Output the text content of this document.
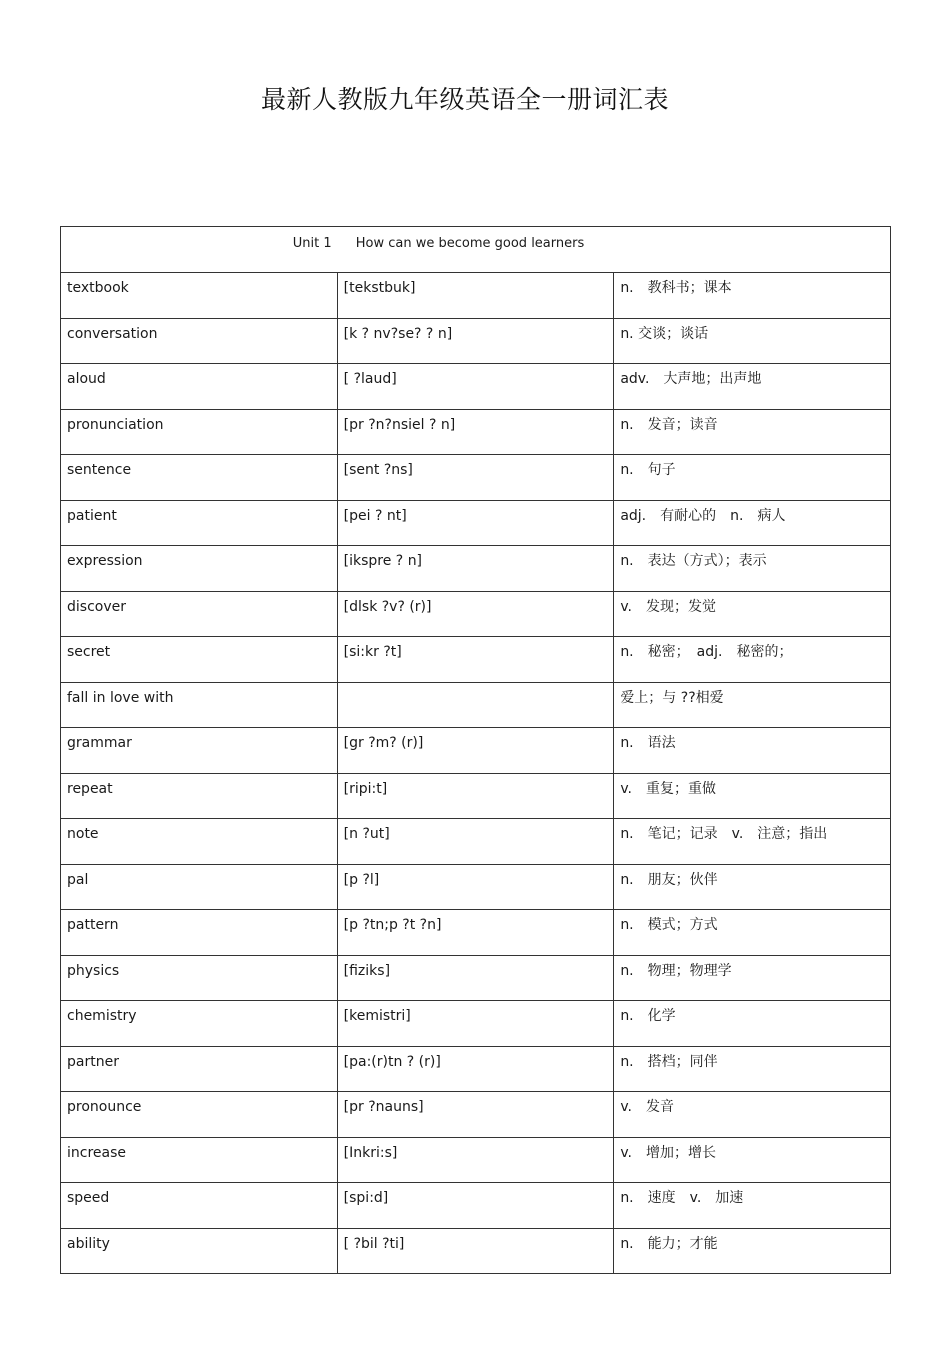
最新人教版九年级英语全一册词汇表
Unit 1 How can we become good learners		
textbook	[tekstbuk]	n.　教科书；课本
conversation	[k ? nv?se? ? n]	n. 交谈；谈话
aloud	[ ?laud]	adv.　大声地；出声地
pronunciation	[pr ?n?nsiel ? n]	n.　发音；读音
sentence	[sent ?ns]	n.　句子
patient	[pei ? nt]	adj.　有耐心的　n.　病人
expression	[ikspre ? n]	n.　表达（方式）；表示
discover	[dlsk ?v? (r)]	v.　发现；发觉
secret	[si:kr ?t]	n.　秘密；　adj.　秘密的；
fall in love with		爱上；与 ??相爱
grammar	[gr ?m? (r)]	n.　语法
repeat	[ripi:t]	v.　重复；重做
note	[n ?ut]	n.　笔记；记录　v.　注意；指出
pal	[p ?l]	n.　朋友；伙伴
pattern	[p ?tn;p ?t ?n]	n.　模式；方式
physics	[fiziks]	n.　物理；物理学
chemistry	[kemistri]	n.　化学
partner	[pa:(r)tn ? (r)]	n.　搭档；同伴
pronounce	[pr ?nauns]	v.　发音
increase	[Inkri:s]	v.　增加；增长
speed	[spi:d]	n.　速度　v.　加速
ability	[ ?bil ?ti]	n.　能力；才能
